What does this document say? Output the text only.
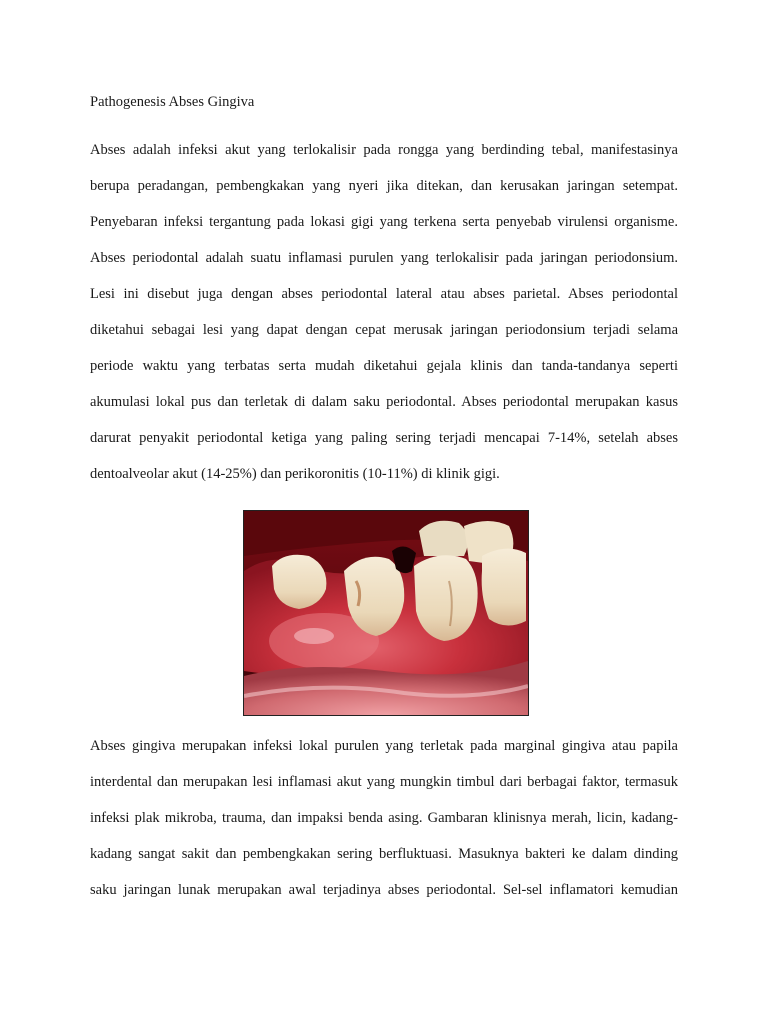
Pathogenesis Abses Gingiva
Abses adalah infeksi akut yang terlokalisir pada rongga yang berdinding tebal, manifestasinya
berupa peradangan, pembengkakan yang nyeri jika ditekan, dan kerusakan jaringan setempat.
Penyebaran infeksi tergantung pada lokasi gigi yang terkena serta penyebab virulensi organisme.
Abses periodontal adalah suatu inflamasi purulen yang terlokalisir pada jaringan periodonsium.
Lesi ini disebut juga dengan abses periodontal lateral atau abses parietal. Abses periodontal
diketahui sebagai lesi yang dapat dengan cepat merusak jaringan periodonsium terjadi selama
periode waktu yang terbatas serta mudah diketahui gejala klinis dan tanda-tandanya seperti
akumulasi lokal pus dan terletak di dalam saku periodontal. Abses periodontal merupakan kasus
darurat penyakit periodontal ketiga yang paling sering terjadi mencapai 7-14%, setelah abses
dentoalveolar akut (14-25%) dan perikoronitis (10-11%) di klinik gigi.
Abses gingiva merupakan infeksi lokal purulen yang terletak pada marginal gingiva atau papila
interdental dan merupakan lesi inflamasi akut yang mungkin timbul dari berbagai faktor, termasuk
infeksi plak mikroba, trauma, dan impaksi benda asing. Gambaran klinisnya merah, licin, kadang-
kadang sangat sakit dan pembengkakan sering berfluktuasi. Masuknya bakteri ke dalam dinding
saku jaringan lunak merupakan awal terjadinya abses periodontal. Sel-sel inflamatori kemudian
